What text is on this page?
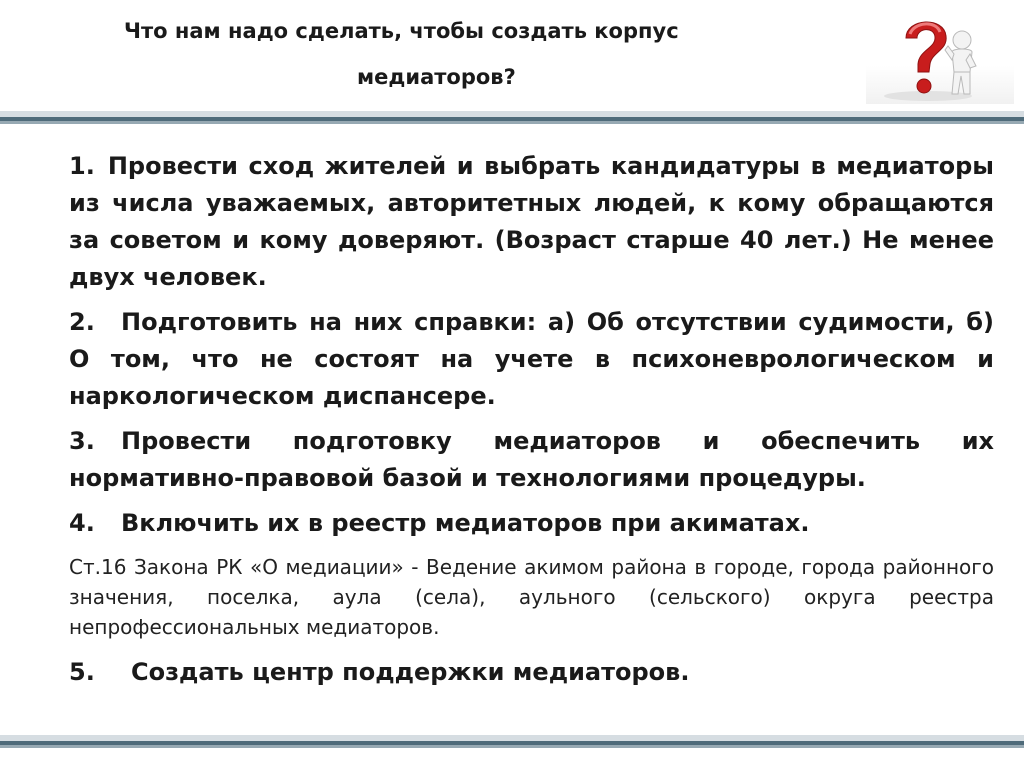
Что нам надо сделать, чтобы создать корпус
медиаторов?
1. Провести сход жителей и выбрать кандидатуры в медиаторы из числа уважаемых, авторитетных людей, к кому обращаются за советом и кому доверяют. (Возраст старше 40 лет.) Не менее двух человек.
2. Подготовить на них справки: а) Об отсутствии судимости, б) О том, что не состоят на учете в психоневрологическом и наркологическом диспансере.
3. Провести подготовку медиаторов и обеспечить их нормативно-правовой базой и технологиями процедуры.
4. Включить их в реестр медиаторов при акиматах.
Ст.16 Закона РК «О медиации» - Ведение акимом района в городе, города районного значения, поселка, аула (села), аульного (сельского) округа реестра непрофессиональных медиаторов.
5. Создать центр поддержки медиаторов.
